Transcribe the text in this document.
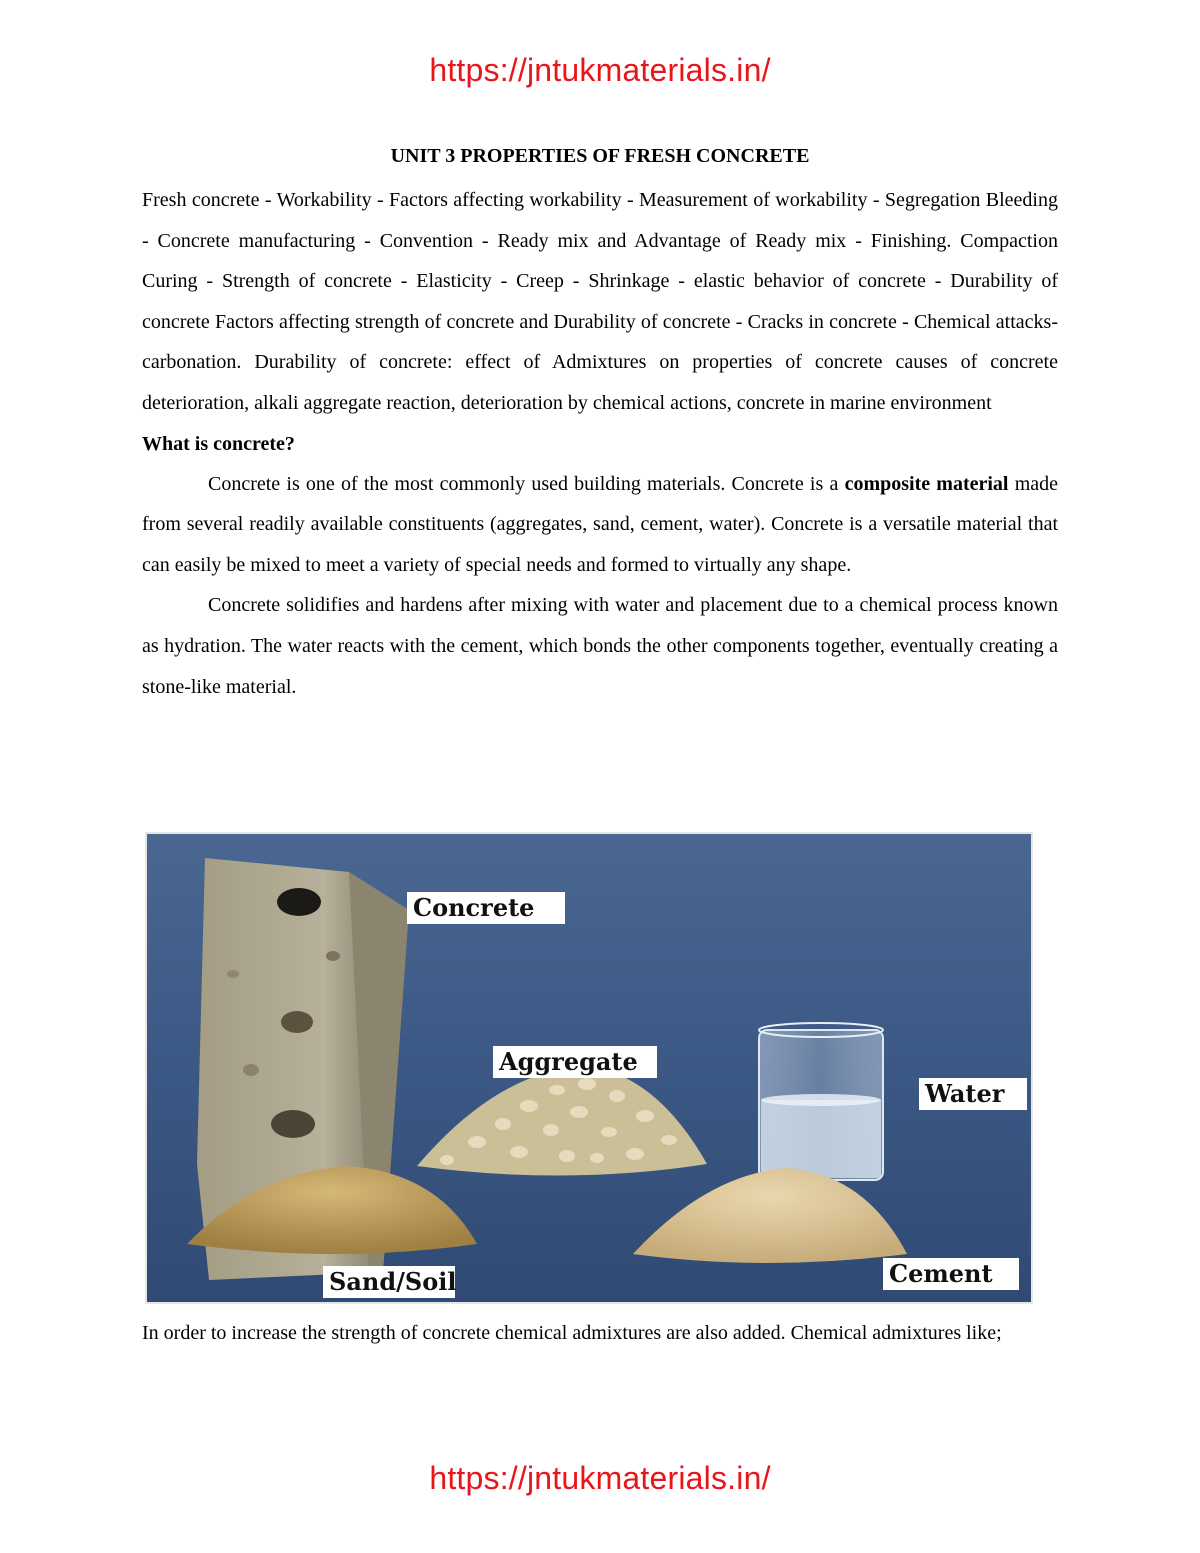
https://jntukmaterials.in/
UNIT 3 PROPERTIES OF FRESH CONCRETE

Fresh concrete - Workability - Factors affecting workability - Measurement of workability - Segregation Bleeding - Concrete manufacturing - Convention - Ready mix and Advantage of Ready mix - Finishing. Compaction Curing - Strength of concrete - Elasticity - Creep - Shrinkage - elastic behavior of concrete - Durability of concrete Factors affecting strength of concrete and Durability of concrete - Cracks in concrete - Chemical attacks-carbonation. Durability of concrete: effect of Admixtures on properties of concrete causes of concrete deterioration, alkali aggregate reaction, deterioration by chemical actions, concrete in marine environment

What is concrete?

Concrete is one of the most commonly used building materials. Concrete is a composite material made from several readily available constituents (aggregates, sand, cement, water). Concrete is a versatile material that can easily be mixed to meet a variety of special needs and formed to virtually any shape.

Concrete solidifies and hardens after mixing with water and placement due to a chemical process known as hydration. The water reacts with the cement, which bonds the other components together, eventually creating a stone-like material.

Concrete
Aggregate
Water
Sand/Soil	Cement

In order to increase the strength of concrete chemical admixtures are also added. Chemical admixtures like;

https://jntukmaterials.in/
